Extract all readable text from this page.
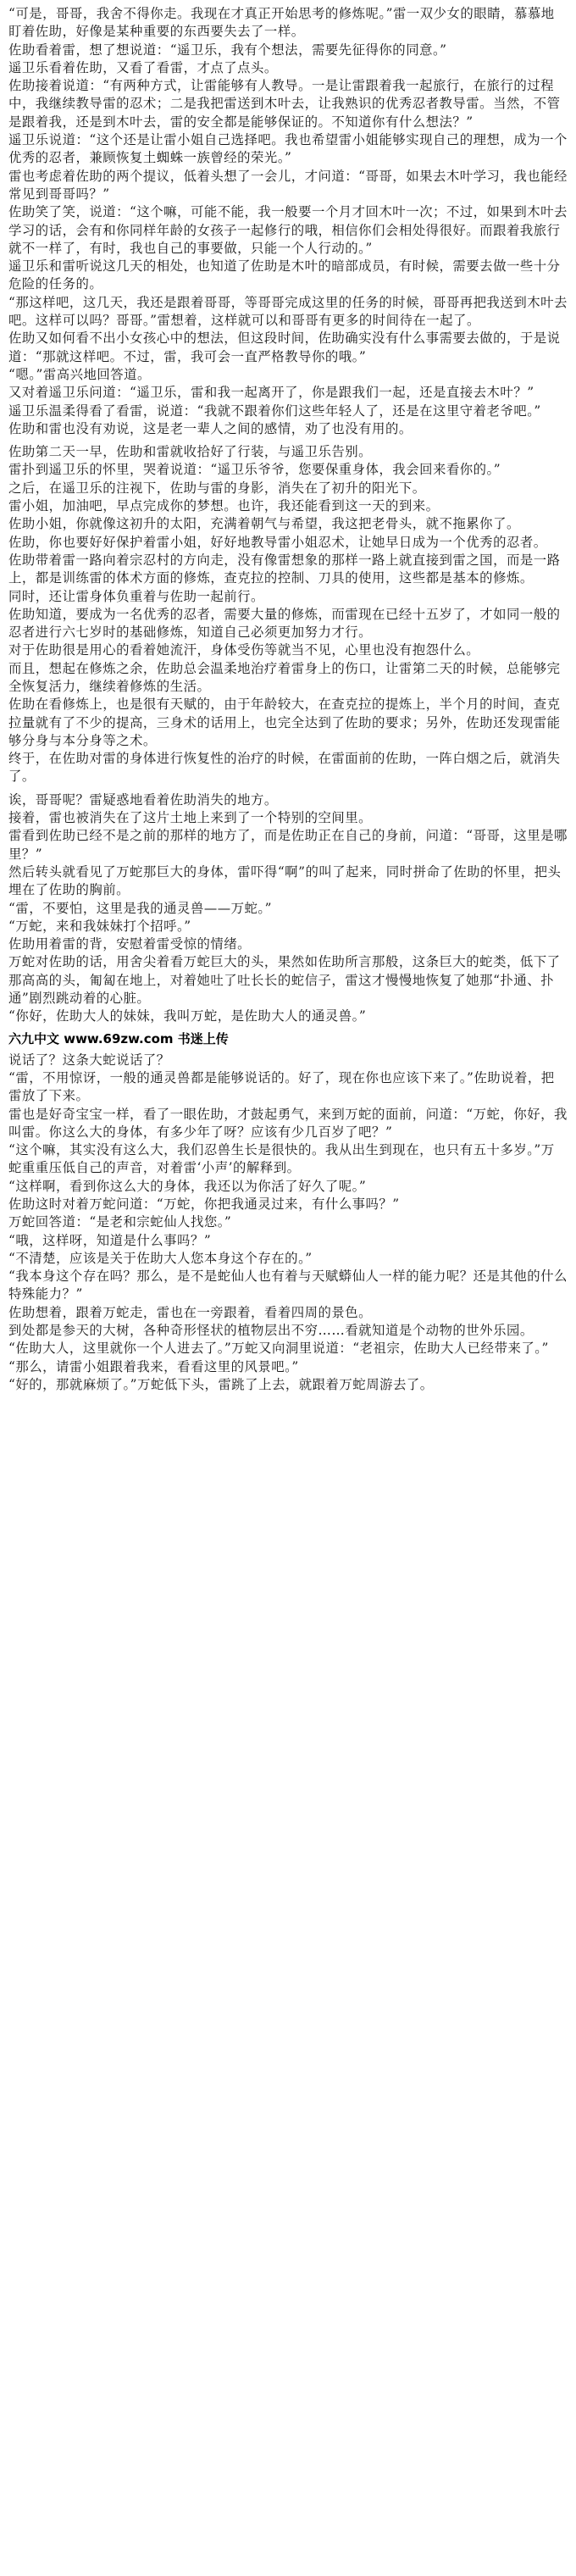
“可是，哥哥，我舍不得你走。我现在才真正开始思考的修炼呢。”雷一双少女的眼睛，慕慕地盯着佐助，好像是某种重要的东西要失去了一样。

佐助看着雷，想了想说道：“遥卫乐，我有个想法，需要先征得你的同意。”

遥卫乐看着佐助，又看了看雷，才点了点头。

佐助接着说道：“有两种方式，让雷能够有人教导。一是让雷跟着我一起旅行，在旅行的过程中，我继续教导雷的忍术；二是我把雷送到木叶去，让我熟识的优秀忍者教导雷。当然，不管是跟着我，还是到木叶去，雷的安全都是能够保证的。不知道你有什么想法？”

遥卫乐说道：“这个还是让雷小姐自己选择吧。我也希望雷小姐能够实现自己的理想，成为一个优秀的忍者，兼顾恢复土蜘蛛一族曾经的荣光。”

雷也考虑着佐助的两个提议，低着头想了一会儿，才问道：“哥哥，如果去木叶学习，我也能经常见到哥哥吗？”

佐助笑了笑，说道：“这个嘛，可能不能，我一般要一个月才回木叶一次；不过，如果到木叶去学习的话，会有和你同样年龄的女孩子一起修行的哦，相信你们会相处得很好。而跟着我旅行就不一样了，有时，我也自己的事要做，只能一个人行动的。”

遥卫乐和雷听说这几天的相处，也知道了佐助是木叶的暗部成员，有时候，需要去做一些十分危险的任务的。

“那这样吧，这几天，我还是跟着哥哥，等哥哥完成这里的任务的时候，哥哥再把我送到木叶去吧。这样可以吗？哥哥。”雷想着，这样就可以和哥哥有更多的时间待在一起了。

佐助又如何看不出小女孩心中的想法，但这段时间，佐助确实没有什么事需要去做的，于是说道：“那就这样吧。不过，雷，我可会一直严格教导你的哦。”

“嗯。”雷高兴地回答道。

又对着遥卫乐问道：“遥卫乐，雷和我一起离开了，你是跟我们一起，还是直接去木叶？”

遥卫乐温柔得看了看雷，说道：“我就不跟着你们这些年轻人了，还是在这里守着老爷吧。”

佐助和雷也没有劝说，这是老一辈人之间的感情，劝了也没有用的。

佐助第二天一早，佐助和雷就收拾好了行装，与遥卫乐告别。

雷扑到遥卫乐的怀里，哭着说道：“遥卫乐爷爷，您要保重身体，我会回来看你的。”

之后，在遥卫乐的注视下，佐助与雷的身影，消失在了初升的阳光下。

雷小姐，加油吧，早点完成你的梦想。也许，我还能看到这一天的到来。

佐助小姐，你就像这初升的太阳，充满着朝气与希望，我这把老骨头，就不拖累你了。

佐助，你也要好好保护着雷小姐，好好地教导雷小姐忍术，让她早日成为一个优秀的忍者。

佐助带着雷一路向着宗忍村的方向走，没有像雷想象的那样一路上就直接到雷之国，而是一路上，都是训练雷的体术方面的修炼，查克拉的控制、刀具的使用，这些都是基本的修炼。

同时，还让雷身体负重着与佐助一起前行。

佐助知道，要成为一名优秀的忍者，需要大量的修炼，而雷现在已经十五岁了，才如同一般的忍者进行六七岁时的基础修炼，知道自己必须更加努力才行。

对于佐助很是用心的看着她流汗，身体受伤等就当不见，心里也没有抱怨什么。

而且，想起在修炼之余，佐助总会温柔地治疗着雷身上的伤口，让雷第二天的时候，总能够完全恢复活力，继续着修炼的生活。

佐助在看修炼上，也是很有天赋的，由于年龄较大，在查克拉的提炼上，半个月的时间，查克拉量就有了不少的提高，三身术的话用上，也完全达到了佐助的要求；另外，佐助还发现雷能够分身与本分身等之术。

终于，在佐助对雷的身体进行恢复性的治疗的时候，在雷面前的佐助，一阵白烟之后，就消失了。

诶，哥哥呢？雷疑惑地看着佐助消失的地方。

接着，雷也被消失在了这片土地上来到了一个特别的空间里。

雷看到佐助已经不是之前的那样的地方了，而是佐助正在自己的身前，问道：“哥哥，这里是哪里？”

然后转头就看见了万蛇那巨大的身体，雷吓得“啊”的叫了起来，同时拼命了佐助的怀里，把头埋在了佐助的胸前。

“雷，不要怕，这里是我的通灵兽——万蛇。”

“万蛇，来和我妹妹打个招呼。”

佐助用着雷的背，安慰着雷受惊的情绪。

万蛇对佐助的话，用舍尖着看万蛇巨大的头，果然如佐助所言那般，这条巨大的蛇类，低下了那高高的头，匍匐在地上，对着她吐了吐长长的蛇信子，雷这才慢慢地恢复了她那“扑通、扑通”剧烈跳动着的心脏。

“你好，佐助大人的妹妹，我叫万蛇，是佐助大人的通灵兽。”

六九中文 www.69zw.com 书迷上传

说话了？这条大蛇说话了？

“雷，不用惊讶，一般的通灵兽都是能够说话的。好了，现在你也应该下来了。”佐助说着，把雷放了下来。

雷也是好奇宝宝一样，看了一眼佐助，才鼓起勇气，来到万蛇的面前，问道：“万蛇，你好，我叫雷。你这么大的身体，有多少年了呀？应该有少几百岁了吧？”

“这个嘛，其实没有这么大，我们忍兽生长是很快的。我从出生到现在，也只有五十多岁。”万蛇重重压低自己的声音，对着雷‘小声’的解释到。

“这样啊，看到你这么大的身体，我还以为你活了好久了呢。”

佐助这时对着万蛇问道：“万蛇，你把我通灵过来，有什么事吗？”

万蛇回答道：“是老和宗蛇仙人找您。”

“哦，这样呀，知道是什么事吗？”

“不清楚，应该是关于佐助大人您本身这个存在的。”

“我本身这个存在吗？那么，是不是蛇仙人也有着与天赋蟒仙人一样的能力呢？还是其他的什么特殊能力？”

佐助想着，跟着万蛇走，雷也在一旁跟着，看着四周的景色。

到处都是参天的大树，各种奇形怪状的植物层出不穷……看就知道是个动物的世外乐园。

“佐助大人，这里就你一个人进去了。”万蛇又向洞里说道：“老祖宗，佐助大人已经带来了。”

“那么，请雷小姐跟着我来，看看这里的风景吧。”

“好的，那就麻烦了。”万蛇低下头，雷跳了上去，就跟着万蛇周游去了。
